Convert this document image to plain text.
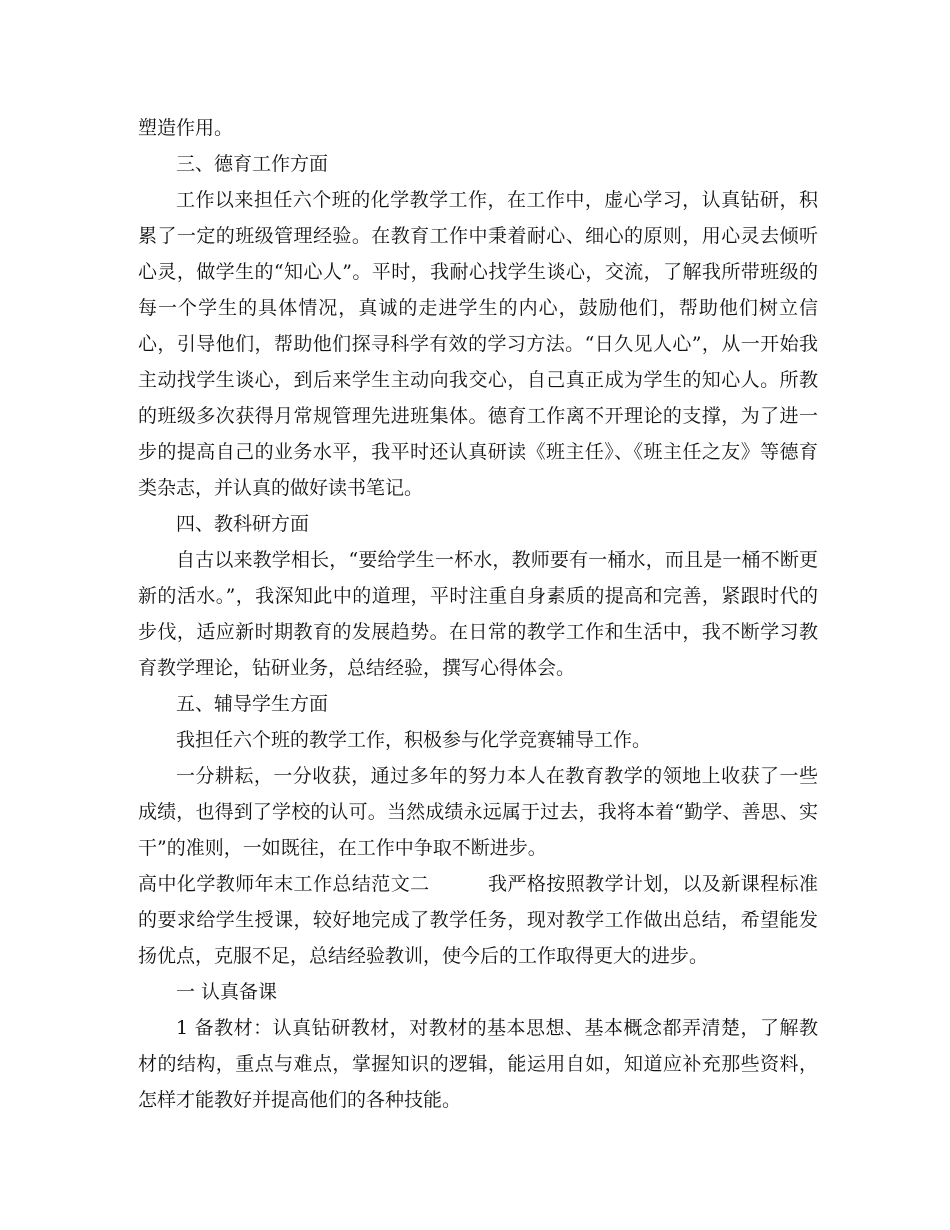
塑造作用。

三、德育工作方面

工作以来担任六个班的化学教学工作，在工作中，虚心学习，认真钻研，积累了一定的班级管理经验。在教育工作中秉着耐心、细心的原则，用心灵去倾听心灵，做学生的“知心人”。平时，我耐心找学生谈心，交流，了解我所带班级的每一个学生的具体情况，真诚的走进学生的内心，鼓励他们，帮助他们树立信心，引导他们，帮助他们探寻科学有效的学习方法。“日久见人心”，从一开始我主动找学生谈心，到后来学生主动向我交心，自己真正成为学生的知心人。所教的班级多次获得月常规管理先进班集体。德育工作离不开理论的支撑，为了进一步的提高自己的业务水平，我平时还认真研读《班主任》、《班主任之友》等德育类杂志，并认真的做好读书笔记。

四、教科研方面

自古以来教学相长，“要给学生一杯水，教师要有一桶水，而且是一桶不断更新的活水。”，我深知此中的道理，平时注重自身素质的提高和完善，紧跟时代的步伐，适应新时期教育的发展趋势。在日常的教学工作和生活中，我不断学习教育教学理论，钻研业务，总结经验，撰写心得体会。

五、辅导学生方面

我担任六个班的教学工作，积极参与化学竞赛辅导工作。

一分耕耘，一分收获，通过多年的努力本人在教育教学的领地上收获了一些成绩，也得到了学校的认可。当然成绩永远属于过去，我将本着“勤学、善思、实干”的准则，一如既往，在工作中争取不断进步。

高中化学教师年末工作总结范文二　　　	我严格按照教学计划，以及新课程标准的要求给学生授课，较好地完成了教学任务，现对教学工作做出总结，希望能发扬优点，克服不足，总结经验教训，使今后的工作取得更大的进步。

一 认真备课

1 备教材：认真钻研教材，对教材的基本思想、基本概念都弄清楚，了解教材的结构，重点与难点，掌握知识的逻辑，能运用自如，知道应补充那些资料，怎样才能教好并提高他们的各种技能。
